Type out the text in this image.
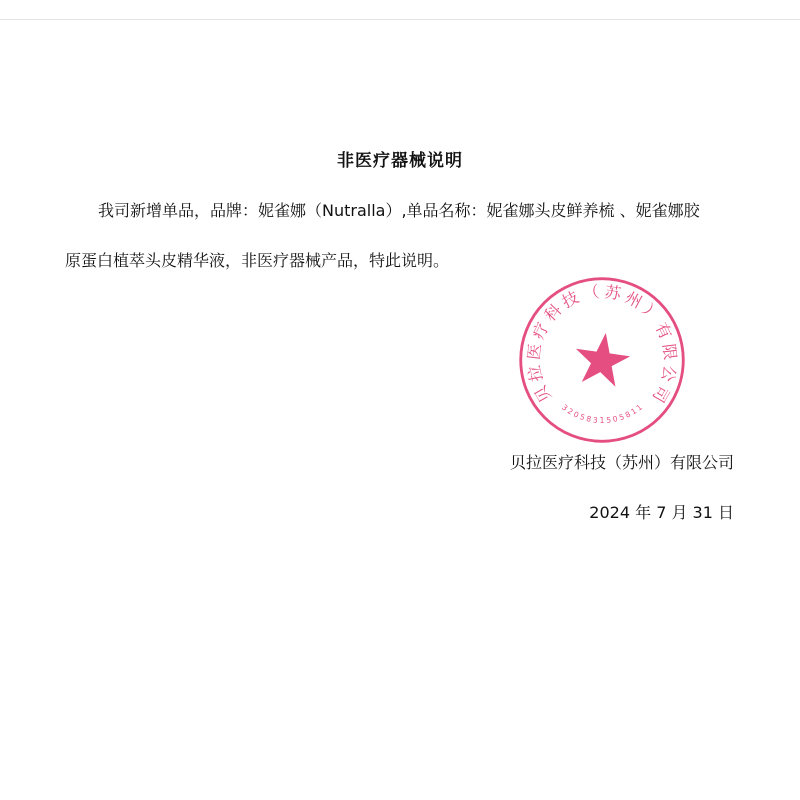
非医疗器械说明
我司新增单品，品牌：妮雀娜（Nutralla）,单品名称：妮雀娜头皮鲜养梳 、妮雀娜胶
原蛋白植萃头皮精华液，非医疗器械产品，特此说明。
贝
拉
医
疗
科
技 （ 苏 州
）
有
限
公
司
3
2
0
5 8 3 1 5 0 5
8
1
1
贝拉医疗科技（苏州）有限公司
2024 年 7 月 31 日
